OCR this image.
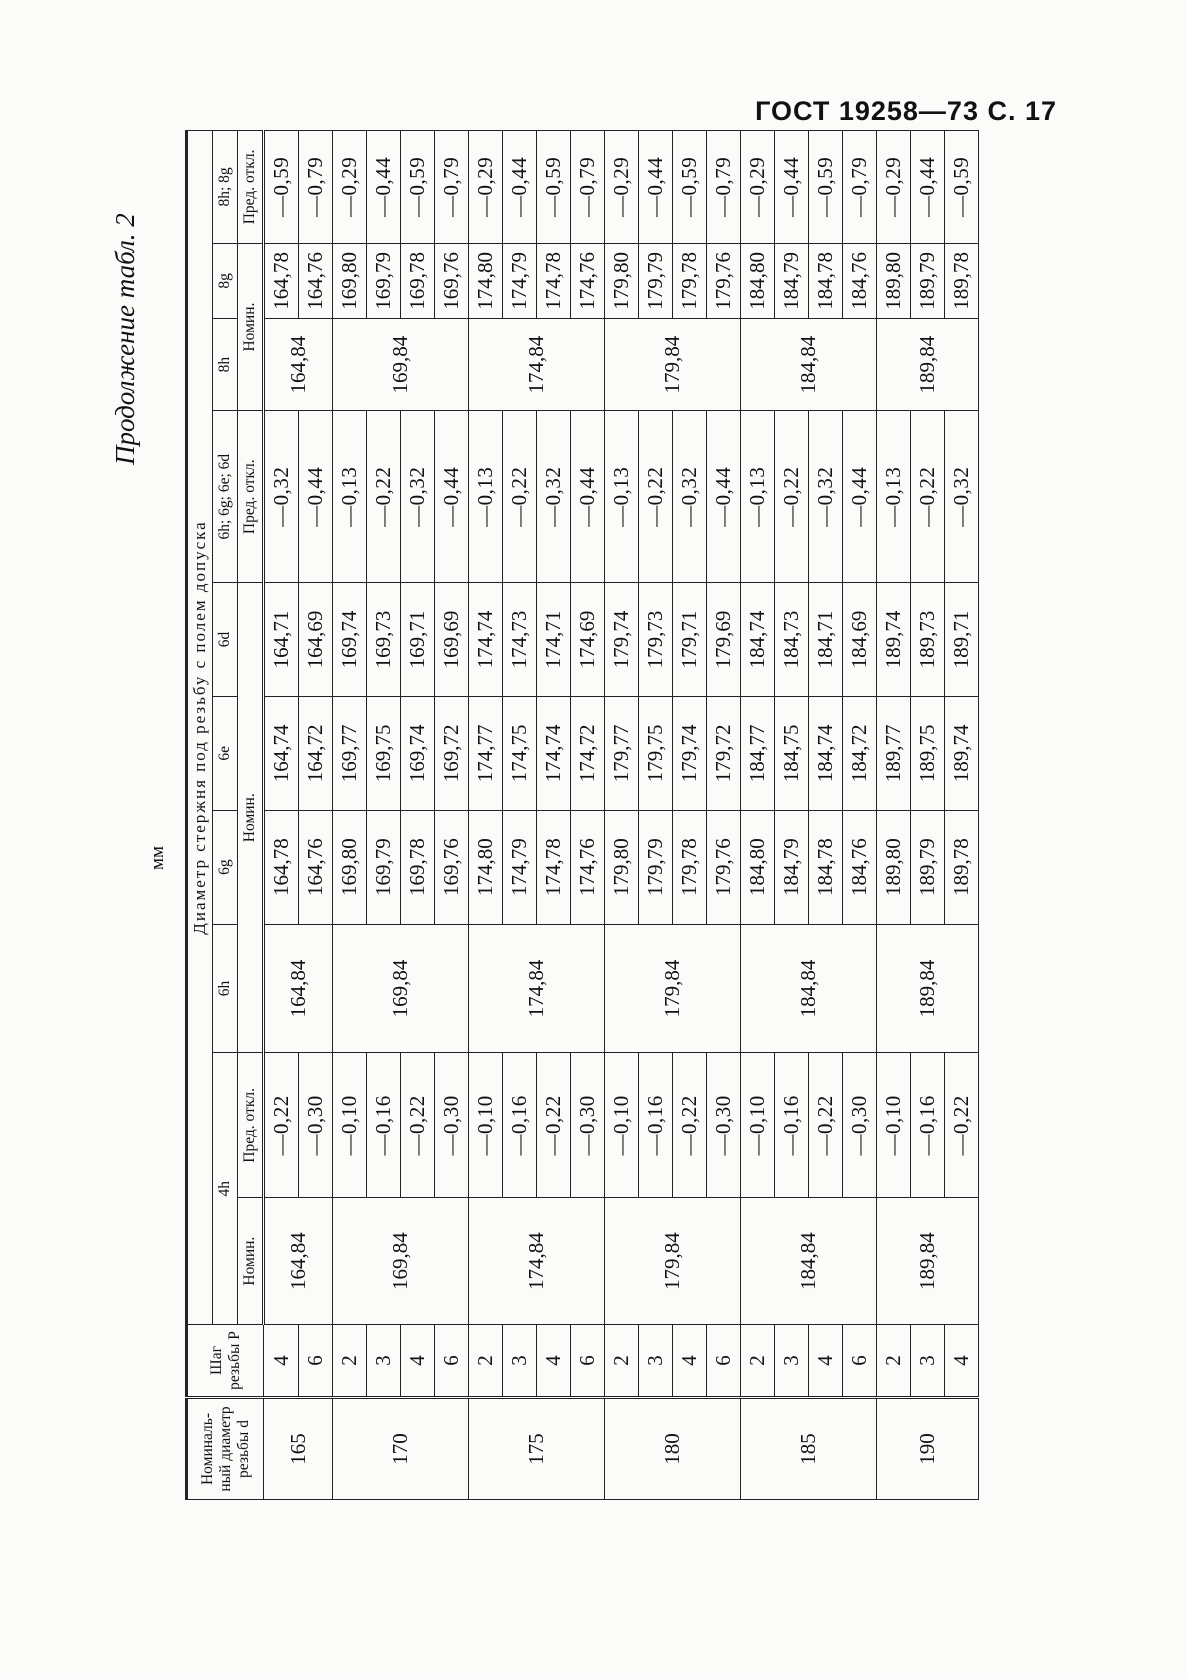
ГОСТ 19258—73 С. 17
Продолжение табл. 2
мм
Номиналь-ный диаметр резьбы d	Шаг резьбы P	Диаметр стержня под резьбу с полем допуска									
		4h		6h	6g	6e	6d	6h; 6g; 6e; 6d	8h	8g	8h; 8g
		Номин.	Пред. откл.	Номин.				Пред. откл.	Номин.		Пред. откл.
165	4	164,84	—0,22	164,84	164,78	164,74	164,71	—0,32	164,84	164,78	—0,59
	6		—0,30		164,76	164,72	164,69	—0,44		164,76	—0,79
170	2	169,84	—0,10	169,84	169,80	169,77	169,74	—0,13	169,84	169,80	—0,29
	3		—0,16		169,79	169,75	169,73	—0,22		169,79	—0,44
	4		—0,22		169,78	169,74	169,71	—0,32		169,78	—0,59
	6		—0,30		169,76	169,72	169,69	—0,44		169,76	—0,79
175	2	174,84	—0,10	174,84	174,80	174,77	174,74	—0,13	174,84	174,80	—0,29
	3		—0,16		174,79	174,75	174,73	—0,22		174,79	—0,44
	4		—0,22		174,78	174,74	174,71	—0,32		174,78	—0,59
	6		—0,30		174,76	174,72	174,69	—0,44		174,76	—0,79
180	2	179,84	—0,10	179,84	179,80	179,77	179,74	—0,13	179,84	179,80	—0,29
	3		—0,16		179,79	179,75	179,73	—0,22		179,79	—0,44
	4		—0,22		179,78	179,74	179,71	—0,32		179,78	—0,59
	6		—0,30		179,76	179,72	179,69	—0,44		179,76	—0,79
185	2	184,84	—0,10	184,84	184,80	184,77	184,74	—0,13	184,84	184,80	—0,29
	3		—0,16		184,79	184,75	184,73	—0,22		184,79	—0,44
	4		—0,22		184,78	184,74	184,71	—0,32		184,78	—0,59
	6		—0,30		184,76	184,72	184,69	—0,44		184,76	—0,79
190	2	189,84	—0,10	189,84	189,80	189,77	189,74	—0,13	189,84	189,80	—0,29
	3		—0,16		189,79	189,75	189,73	—0,22		189,79	—0,44
	4		—0,22		189,78	189,74	189,71	—0,32		189,78	—0,59
